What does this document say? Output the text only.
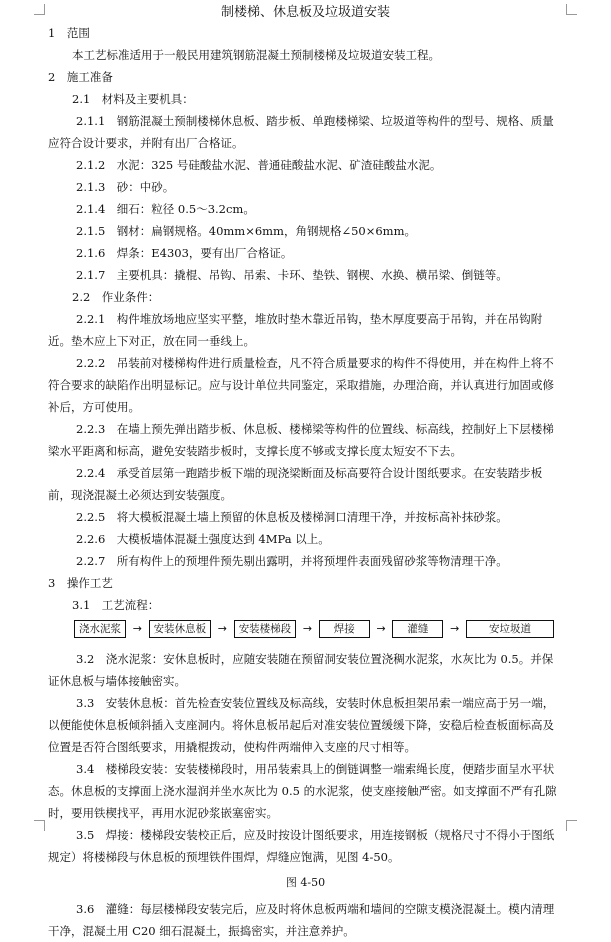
制楼梯、休息板及垃圾道安装
1　范围
本工艺标准适用于一般民用建筑钢筋混凝土预制楼梯及垃圾道安装工程。
2　施工准备
2.1　材料及主要机具：
2.1.1　钢筋混凝土预制楼梯休息板、踏步板、单跑楼梯梁、垃圾道等构件的型号、规格、质量应符合设计要求，并附有出厂合格证。
2.1.2　水泥：325 号硅酸盐水泥、普通硅酸盐水泥、矿渣硅酸盐水泥。
2.1.3　砂：中砂。
2.1.4　细石：粒径 0.5～3.2cm。
2.1.5　钢材：扁钢规格。40mm×6mm，角钢规格∠50×6mm。
2.1.6　焊条：E4303，要有出厂合格证。
2.1.7　主要机具：撬棍、吊钩、吊索、卡环、垫铁、钢楔、水换、横吊梁、倒链等。
2.2　作业条件：
2.2.1　构件堆放场地应坚实平整，堆放时垫木靠近吊钩，垫木厚度要高于吊钩，并在吊钩附近。垫木应上下对正，放在同一垂线上。
2.2.2　吊装前对楼梯构件进行质量检查，凡不符合质量要求的构件不得使用，并在构件上将不符合要求的缺陷作出明显标记。应与设计单位共同鉴定，采取措施，办理洽商，并认真进行加固或修补后，方可使用。
2.2.3　在墙上预先弹出踏步板、休息板、楼梯梁等构件的位置线、标高线，控制好上下层楼梯梁水平距离和标高，避免安装踏步板时，支撑长度不够或支撑长度太短安不下去。
2.2.4　承受首层第一跑踏步板下端的现浇梁断面及标高要符合设计图纸要求。在安装踏步板前，现浇混凝土必须达到安装强度。
2.2.5　将大模板混凝土墙上预留的休息板及楼梯洞口清理干净，并按标高补抹砂浆。
2.2.6　大模板墙体混凝土强度达到 4MPa 以上。
2.2.7　所有构件上的预埋件预先剔出露明，并将预埋件表面残留砂浆等物清理干净。
3　操作工艺
3.1　工艺流程：
浇水泥浆	→	安装休息板	→	安装楼梯段	→	焊接	→	灌缝	→	安垃圾道
3.2　浇水泥浆：安休息板时，应随安装随在预留洞安装位置浇稠水泥浆，水灰比为 0.5。并保证休息板与墙体接触密实。
3.3　安装休息板：首先检查安装位置线及标高线，安装时休息板担架吊索一端应高于另一端，以便能使休息板倾斜插入支座洞内。将休息板吊起后对准安装位置缓缓下降，安稳后检查板面标高及位置是否符合图纸要求，用撬棍拨动，使构件两端伸入支座的尺寸相等。
3.4　楼梯段安装：安装楼梯段时，用吊装索具上的倒链调整一端索绳长度，便踏步面呈水平状态。休息板的支撑面上浇水湿润并坐水灰比为 0.5 的水泥浆，使支座接触严密。如支撑面不严有孔隙时，要用铁楔找平，再用水泥砂浆嵌塞密实。
图 4-50
3.6　灌缝：每层楼梯段安装完后，应及时将休息板两端和墙间的空隙支模浇混凝土。模内清理干净，混凝土用 C20 细石混凝土，振捣密实，并注意养护。
3.5　焊接：楼梯段安装校正后，应及时按设计图纸要求，用连接钢板（规格尺寸不得小于图纸规定）将楼梯段与休息板的预埋铁件围焊，焊缝应饱满，见图 4-50。
